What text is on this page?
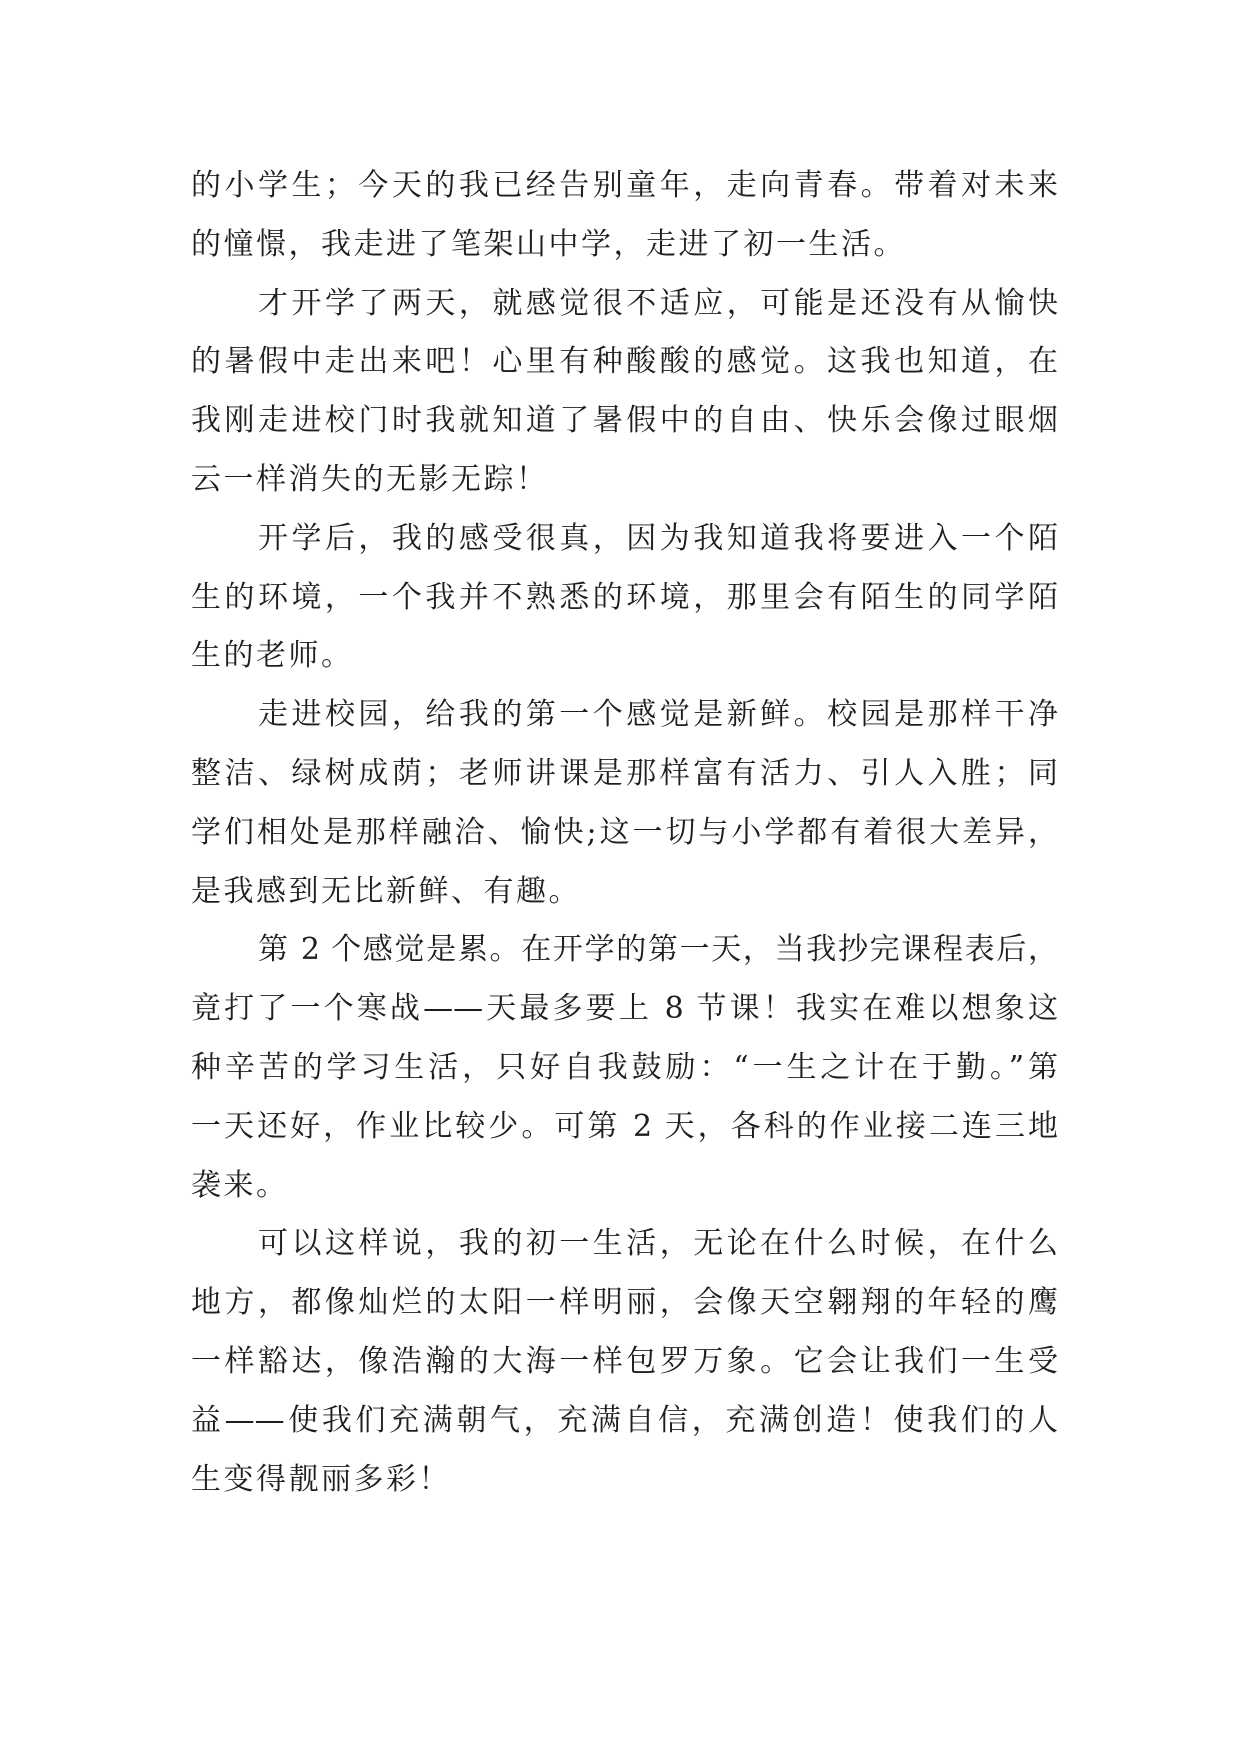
的小学生；今天的我已经告别童年，走向青春。带着对未来
的憧憬，我走进了笔架山中学，走进了初一生活。
才开学了两天，就感觉很不适应，可能是还没有从愉快
的暑假中走出来吧！心里有种酸酸的感觉。这我也知道，在
我刚走进校门时我就知道了暑假中的自由、快乐会像过眼烟
云一样消失的无影无踪！
开学后，我的感受很真，因为我知道我将要进入一个陌
生的环境，一个我并不熟悉的环境，那里会有陌生的同学陌
生的老师。
走进校园，给我的第一个感觉是新鲜。校园是那样干净
整洁、绿树成荫；老师讲课是那样富有活力、引人入胜；同
学们相处是那样融洽、愉快;这一切与小学都有着很大差异，
是我感到无比新鲜、有趣。
第 2 个感觉是累。在开学的第一天，当我抄完课程表后，
竟打了一个寒战——天最多要上 8 节课！我实在难以想象这
种辛苦的学习生活，只好自我鼓励：“一生之计在于勤。”第
一天还好，作业比较少。可第 2 天，各科的作业接二连三地
袭来。
可以这样说，我的初一生活，无论在什么时候，在什么
地方，都像灿烂的太阳一样明丽，会像天空翱翔的年轻的鹰
一样豁达，像浩瀚的大海一样包罗万象。它会让我们一生受
益——使我们充满朝气，充满自信，充满创造！使我们的人
生变得靓丽多彩！
